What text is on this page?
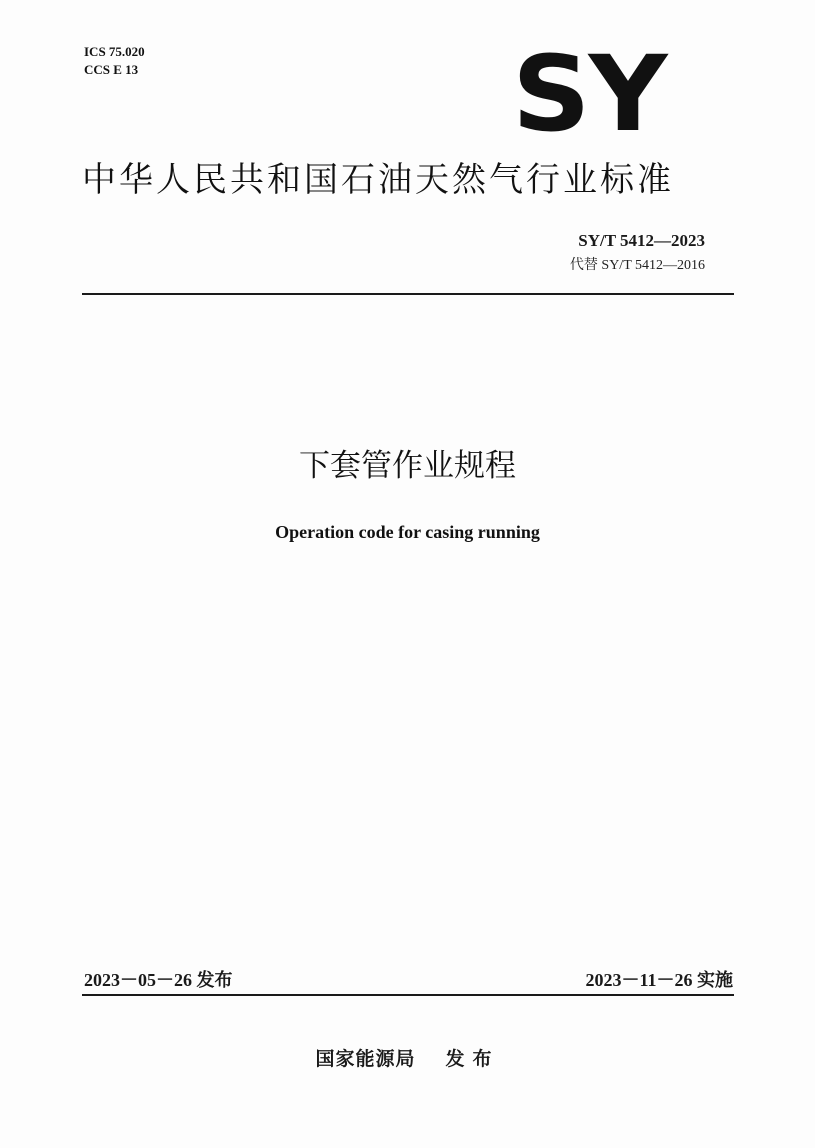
ICS 75.020
CCS E 13	SY
中华人民共和国石油天然气行业标准
SY/T 5412—2023
代替 SY/T 5412—2016
下套管作业规程
Operation code for casing running
2023－05－26 发布	2023－11－26 实施
国家能源局 发布
